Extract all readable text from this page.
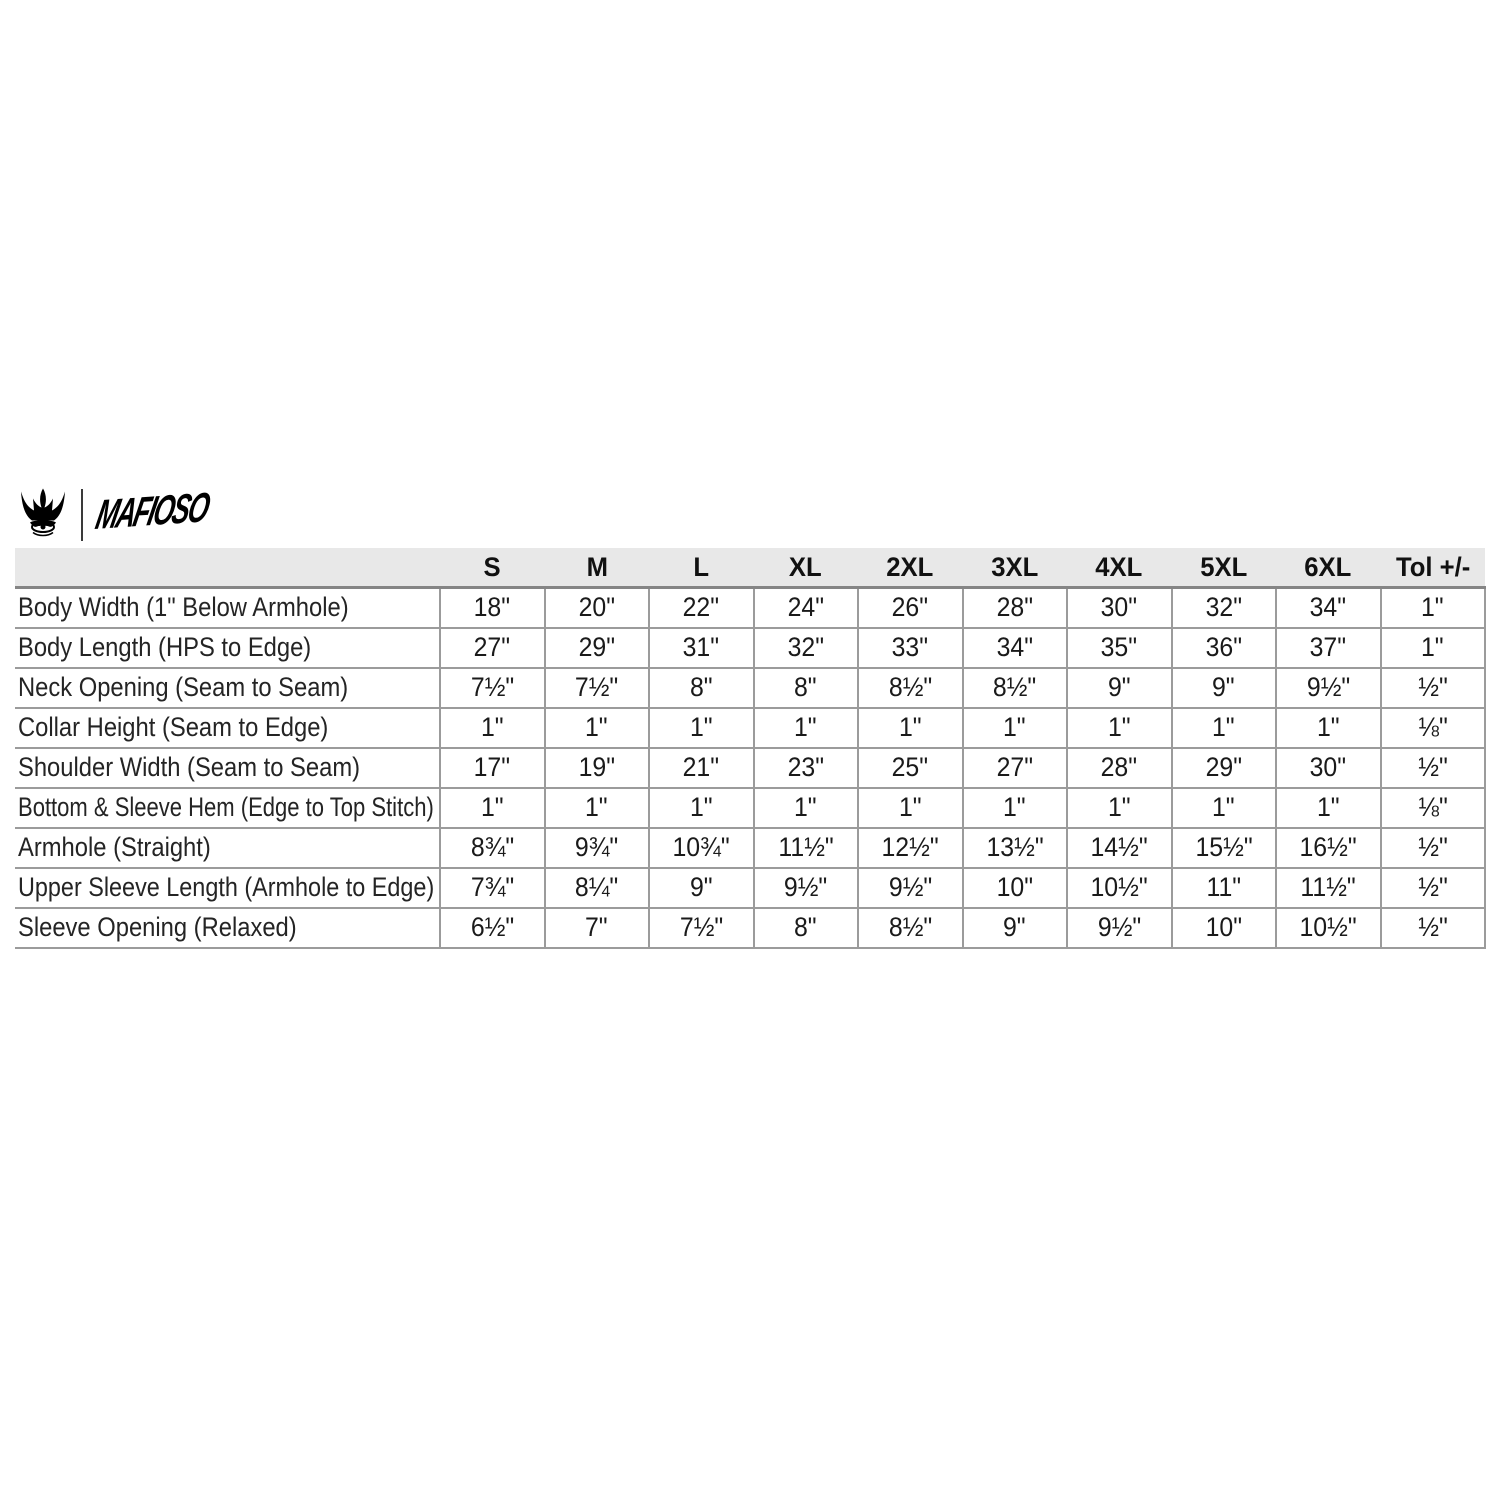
MAFIOSO
	S	M	L	XL	2XL	3XL	4XL	5XL	6XL	Tol +/-
Body Width (1" Below Armhole)	18"	20"	22"	24"	26"	28"	30"	32"	34"	1"
Body Length (HPS to Edge)	27"	29"	31"	32"	33"	34"	35"	36"	37"	1"
Neck Opening (Seam to Seam)	7½"	7½"	8"	8"	8½"	8½"	9"	9"	9½"	½"
Collar Height (Seam to Edge)	1"	1"	1"	1"	1"	1"	1"	1"	1"	⅛"
Shoulder Width (Seam to Seam)	17"	19"	21"	23"	25"	27"	28"	29"	30"	½"
Bottom & Sleeve Hem (Edge to Top Stitch)	1"	1"	1"	1"	1"	1"	1"	1"	1"	⅛"
Armhole (Straight)	8¾"	9¾"	10¾"	11½"	12½"	13½"	14½"	15½"	16½"	½"
Upper Sleeve Length (Armhole to Edge)	7¾"	8¼"	9"	9½"	9½"	10"	10½"	11"	11½"	½"
Sleeve Opening (Relaxed)	6½"	7"	7½"	8"	8½"	9"	9½"	10"	10½"	½"
